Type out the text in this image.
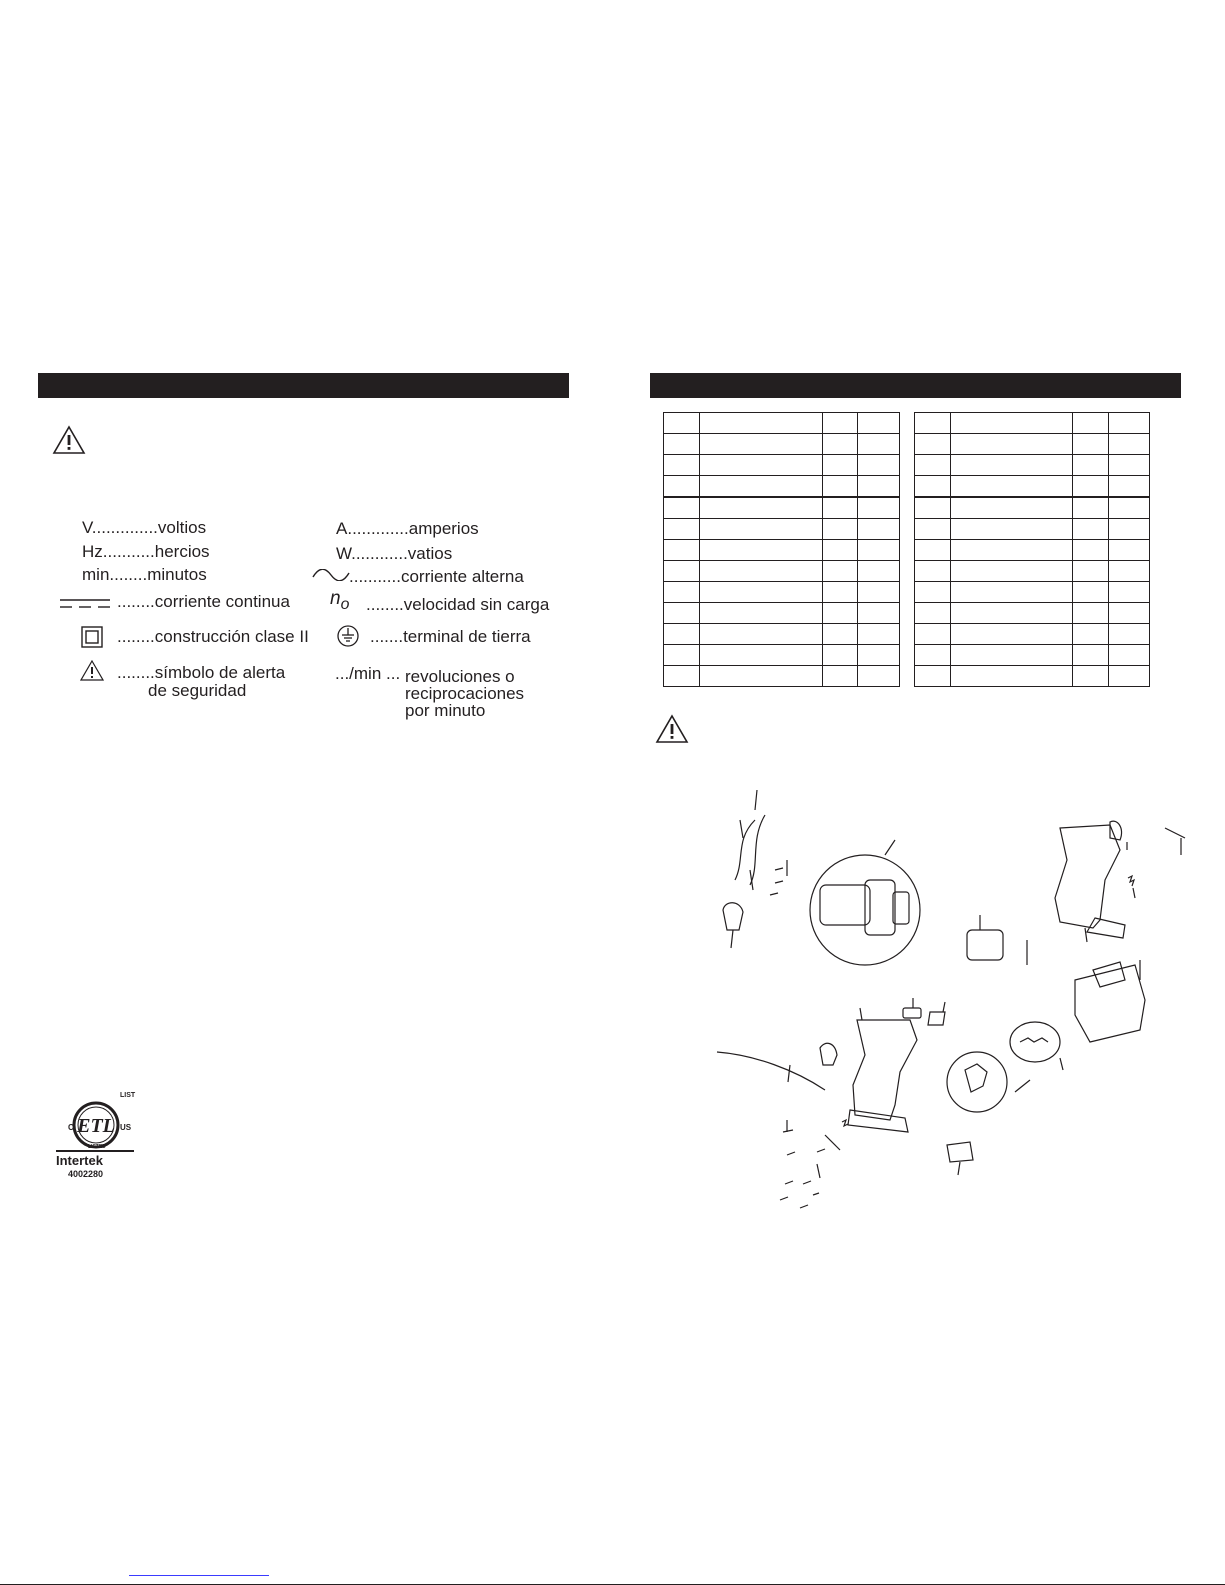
V..............voltios
Hz...........hercios
min........minutos
........corriente continua
........construcción clase II
........símbolo de alerta
de seguridad
A.............amperios
W............vatios
...........corriente alterna
$n_o$ ........velocidad sin carga
.......terminal de tierra
.../min ... revoluciones o
reciprocaciones
por minuto
LIST
ETL
C	US
LISTED
Intertek
4002280
